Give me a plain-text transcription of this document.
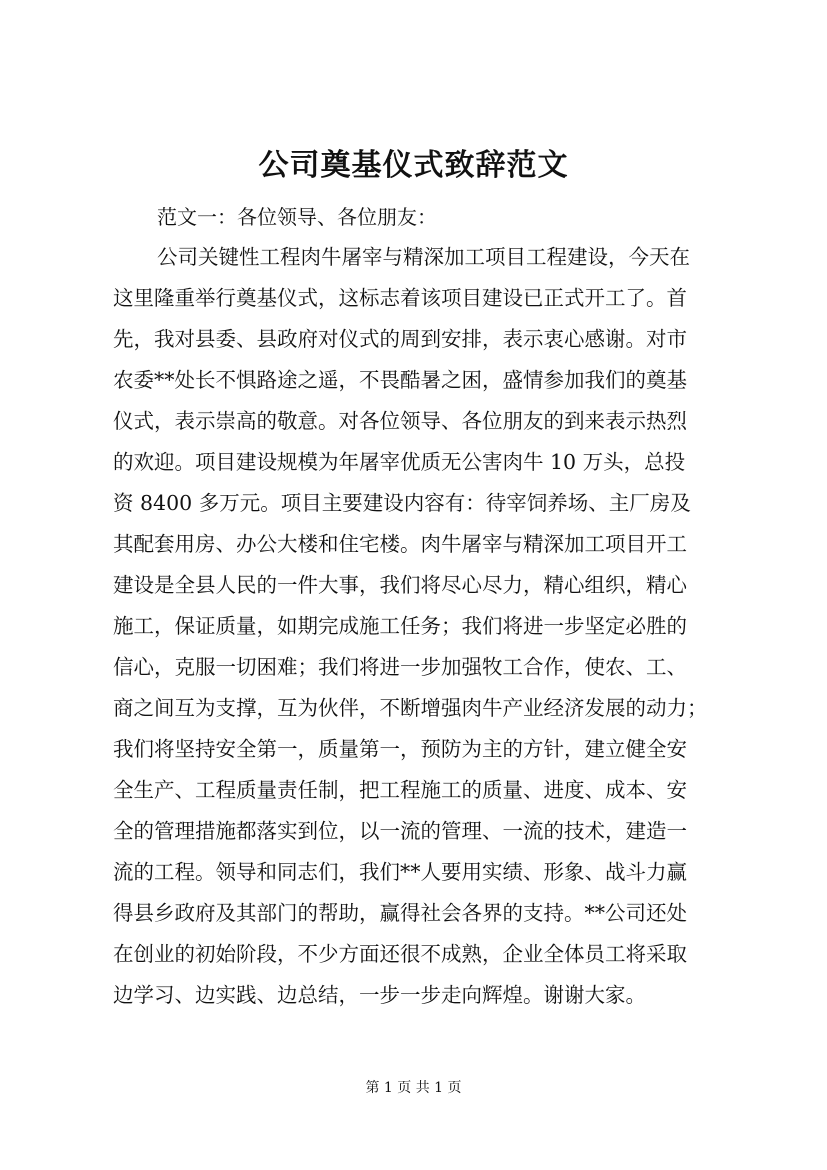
公司奠基仪式致辞范文
范文一：各位领导、各位朋友：
公司关键性工程肉牛屠宰与精深加工项目工程建设，今天在
这里隆重举行奠基仪式，这标志着该项目建设已正式开工了。首
先，我对县委、县政府对仪式的周到安排，表示衷心感谢。对市
农委**处长不惧路途之遥，不畏酷暑之困，盛情参加我们的奠基
仪式，表示崇高的敬意。对各位领导、各位朋友的到来表示热烈
的欢迎。项目建设规模为年屠宰优质无公害肉牛 10 万头，总投
资 8400 多万元。项目主要建设内容有：待宰饲养场、主厂房及
其配套用房、办公大楼和住宅楼。肉牛屠宰与精深加工项目开工
建设是全县人民的一件大事，我们将尽心尽力，精心组织，精心
施工，保证质量，如期完成施工任务；我们将进一步坚定必胜的
信心，克服一切困难；我们将进一步加强牧工合作，使农、工、
商之间互为支撑，互为伙伴，不断增强肉牛产业经济发展的动力；
我们将坚持安全第一，质量第一，预防为主的方针，建立健全安
全生产、工程质量责任制，把工程施工的质量、进度、成本、安
全的管理措施都落实到位，以一流的管理、一流的技术，建造一
流的工程。领导和同志们，我们**人要用实绩、形象、战斗力赢
得县乡政府及其部门的帮助，赢得社会各界的支持。**公司还处
在创业的初始阶段，不少方面还很不成熟，企业全体员工将采取
边学习、边实践、边总结，一步一步走向辉煌。谢谢大家。
第 1 页 共 1 页
